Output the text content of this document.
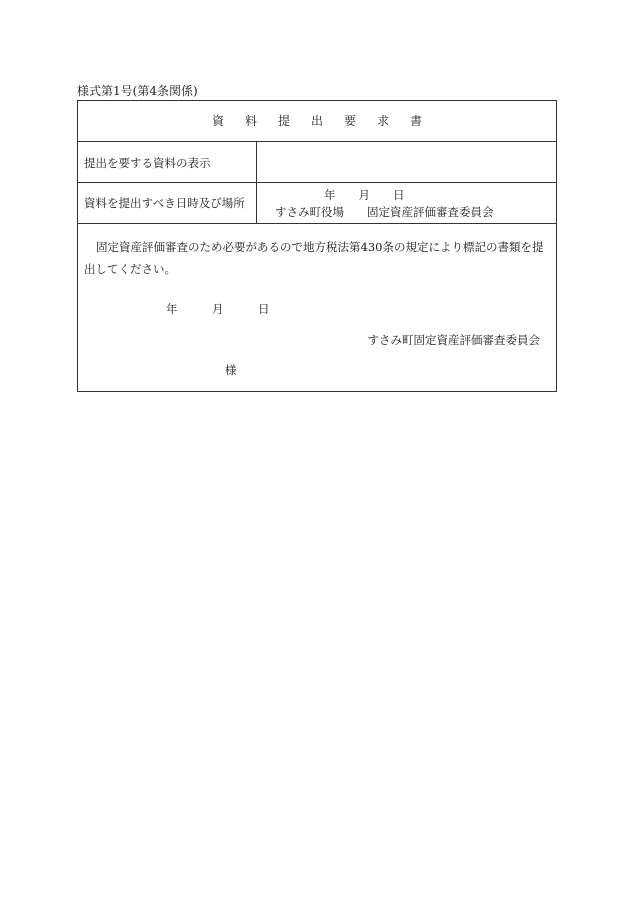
様式第1号(第4条関係)
資料提出要求書
提出を要する資料の表示
資料を提出すべき日時及び場所
年　　月　　日
すさみ町役場　　固定資産評価審査委員会

固定資産評価審査のため必要があるので地方税法第430条の規定により標記の書類を提出してください。

年　　　月　　　日
すさみ町固定資産評価審査委員会
様
